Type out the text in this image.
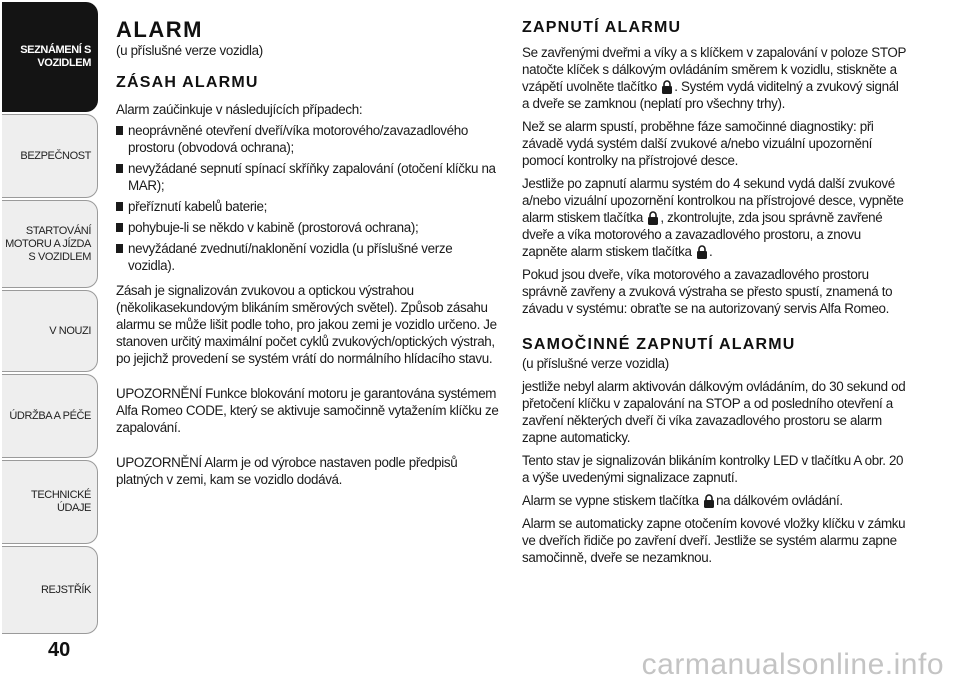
SEZNÁMENÍ S VOZIDLEM
BEZPEČNOST
STARTOVÁNÍ MOTORU A JÍZDA S VOZIDLEM
V NOUZI
ÚDRŽBA A PÉČE
TECHNICKÉ ÚDAJE
REJSTŘÍK
40
ALARM

(u příslušné verze vozidla)

ZÁSAH ALARMU

Alarm zaúčinkuje v následujících případech:

neoprávněné otevření dveří/víka motorového/zavazadlového prostoru (obvodová ochrana);
nevyžádané sepnutí spínací skříňky zapalování (otočení klíčku na MAR);
přeříznutí kabelů baterie;
pohybuje-li se někdo v kabině (prostorová ochrana);
nevyžádané zvednutí/naklonění vozidla (u příslušné verze vozidla).

Zásah je signalizován zvukovou a optickou výstrahou (několikasekundovým blikáním směrových světel). Způsob zásahu alarmu se může lišit podle toho, pro jakou zemi je vozidlo určeno. Je stanoven určitý maximální počet cyklů zvukových/optických výstrah, po jejichž provedení se systém vrátí do normálního hlídacího stavu.

UPOZORNĚNÍ Funkce blokování motoru je garantována systémem Alfa Romeo CODE, který se aktivuje samočinně vytažením klíčku ze zapalování.

UPOZORNĚNÍ Alarm je od výrobce nastaven podle předpisů platných v zemi, kam se vozidlo dodává.

ZAPNUTÍ ALARMU

Se zavřenými dveřmi a víky a s klíčkem v zapalování v poloze STOP natočte klíček s dálkovým ovládáním směrem k vozidlu, stiskněte a vzápětí uvolněte tlačítko . Systém vydá viditelný a zvukový signál a dveře se zamknou (neplatí pro všechny trhy).

Než se alarm spustí, proběhne fáze samočinné diagnostiky: při závadě vydá systém další zvukové a/nebo vizuální upozornění pomocí kontrolky na přístrojové desce.

Jestliže po zapnutí alarmu systém do 4 sekund vydá další zvukové a/nebo vizuální upozornění kontrolkou na přístrojové desce, vypněte alarm stiskem tlačítka , zkontrolujte, zda jsou správně zavřené dveře a víka motorového a zavazadlového prostoru, a znovu zapněte alarm stiskem tlačítka .

Pokud jsou dveře, víka motorového a zavazadlového prostoru správně zavřeny a zvuková výstraha se přesto spustí, znamená to závadu v systému: obraťte se na autorizovaný servis Alfa Romeo.

SAMOČINNÉ ZAPNUTÍ ALARMU

(u příslušné verze vozidla)

jestliže nebyl alarm aktivován dálkovým ovládáním, do 30 sekund od přetočení klíčku v zapalování na STOP a od posledního otevření a zavření některých dveří či víka zavazadlového prostoru se alarm zapne automaticky.

Tento stav je signalizován blikáním kontrolky LED v tlačítku A obr. 20 a výše uvedenými signalizace zapnutí.

Alarm se vypne stiskem tlačítka na dálkovém ovládání.

Alarm se automaticky zapne otočením kovové vložky klíčku v zámku ve dveřích řidiče po zavření dveří. Jestliže se systém alarmu zapne samočinně, dveře se nezamknou.

carmanualsonline.info
